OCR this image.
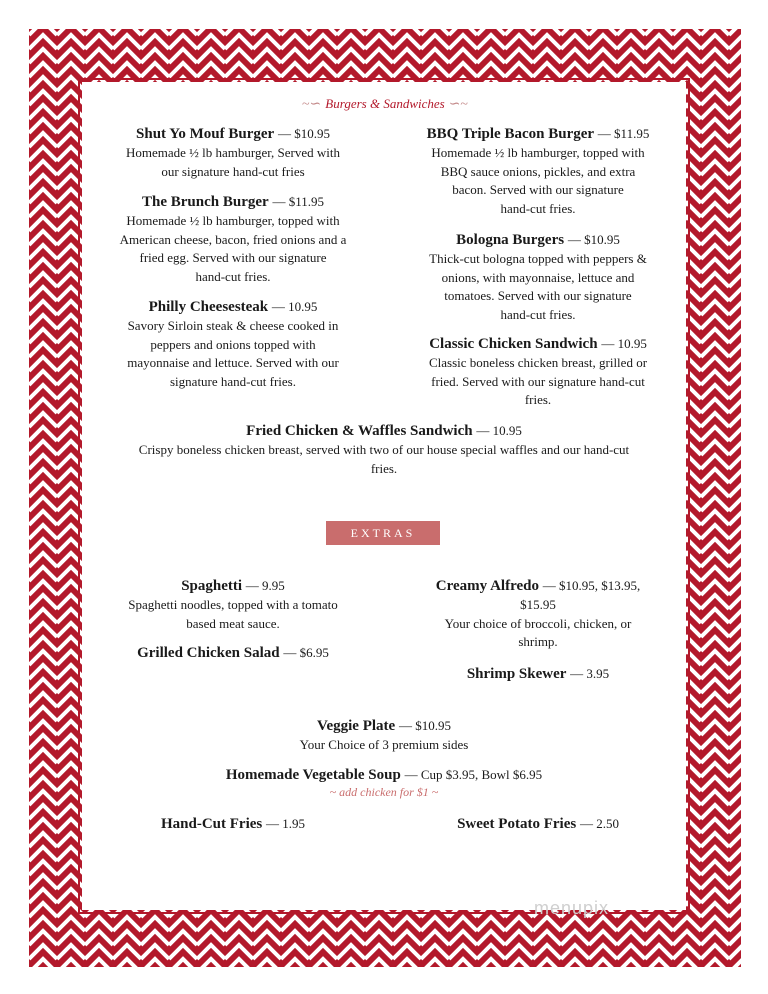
~∽ Burgers & Sandwiches ∽~
Shut Yo Mouf Burger — $10.95
Homemade ½ lb hamburger, Served with
our signature hand-cut fries
The Brunch Burger — $11.95
Homemade ½ lb hamburger, topped with
American cheese, bacon, fried onions and a
fried egg. Served with our signature
hand-cut fries.
Philly Cheesesteak — 10.95
Savory Sirloin steak & cheese cooked in
peppers and onions topped with
mayonnaise and lettuce. Served with our
signature hand-cut fries.
BBQ Triple Bacon Burger — $11.95
Homemade ½ lb hamburger, topped with
BBQ sauce onions, pickles, and extra
bacon. Served with our signature
hand-cut fries.
Bologna Burgers — $10.95
Thick-cut bologna topped with peppers &
onions, with mayonnaise, lettuce and
tomatoes. Served with our signature
hand-cut fries.
Classic Chicken Sandwich — 10.95
Classic boneless chicken breast, grilled or
fried. Served with our signature hand-cut
fries.
Fried Chicken & Waffles Sandwich — 10.95
Crispy boneless chicken breast, served with two of our house special waffles and our hand-cut
fries.
EXTRAS
Spaghetti — 9.95
Spaghetti noodles, topped with a tomato
based meat sauce.
Grilled Chicken Salad — $6.95
Creamy Alfredo — $10.95, $13.95,
$15.95
Your choice of broccoli, chicken, or
shrimp.
Shrimp Skewer — 3.95
Veggie Plate — $10.95
Your Choice of 3 premium sides
Homemade Vegetable Soup — Cup $3.95, Bowl $6.95
~ add chicken for $1 ~
Hand-Cut Fries — 1.95	Sweet Potato Fries — 2.50
menupix
